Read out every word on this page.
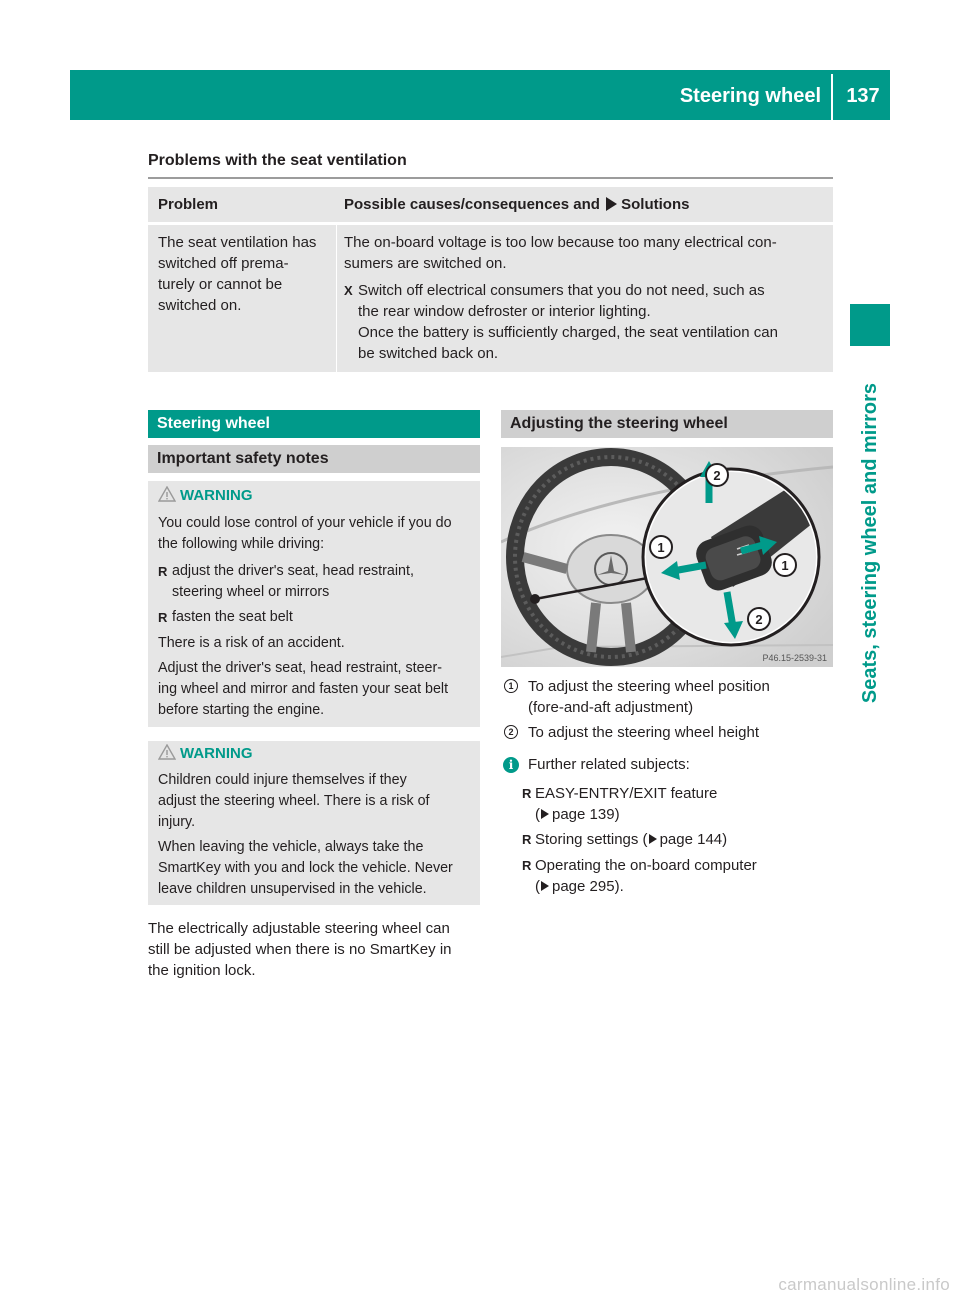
Steering wheel	137
Seats, steering wheel and mirrors
Problems with the seat ventilation
Problem	Possible causes/consequences and Solutions
The seat ventilation has switched off prema-
turely or cannot be
switched on.
The on-board voltage is too low because too many electrical con-
sumers are switched on.
X Switch off electrical consumers that you do not need, such as
the rear window defroster or interior lighting.
Once the battery is sufficiently charged, the seat ventilation can
be switched back on.
Steering wheel
Important safety notes
WARNING
You could lose control of your vehicle if you do
the following while driving:
R adjust the driver's seat, head restraint,
steering wheel or mirrors
R fasten the seat belt
There is a risk of an accident.
Adjust the driver's seat, head restraint, steer-
ing wheel and mirror and fasten your seat belt
before starting the engine.
WARNING
Children could injure themselves if they
adjust the steering wheel. There is a risk of
injury.
When leaving the vehicle, always take the
SmartKey with you and lock the vehicle. Never
leave children unsupervised in the vehicle.
The electrically adjustable steering wheel can
still be adjusted when there is no SmartKey in
the ignition lock.
Adjusting the steering wheel
2
1
1
2
P46.15-2539-31
1 To adjust the steering wheel position
(fore-and-aft adjustment)
2 To adjust the steering wheel height
i Further related subjects:
R EASY-ENTRY/EXIT feature
( page 139)
R Storing settings ( page 144)
R Operating the on-board computer
( page 295).
carmanualsonline.info
